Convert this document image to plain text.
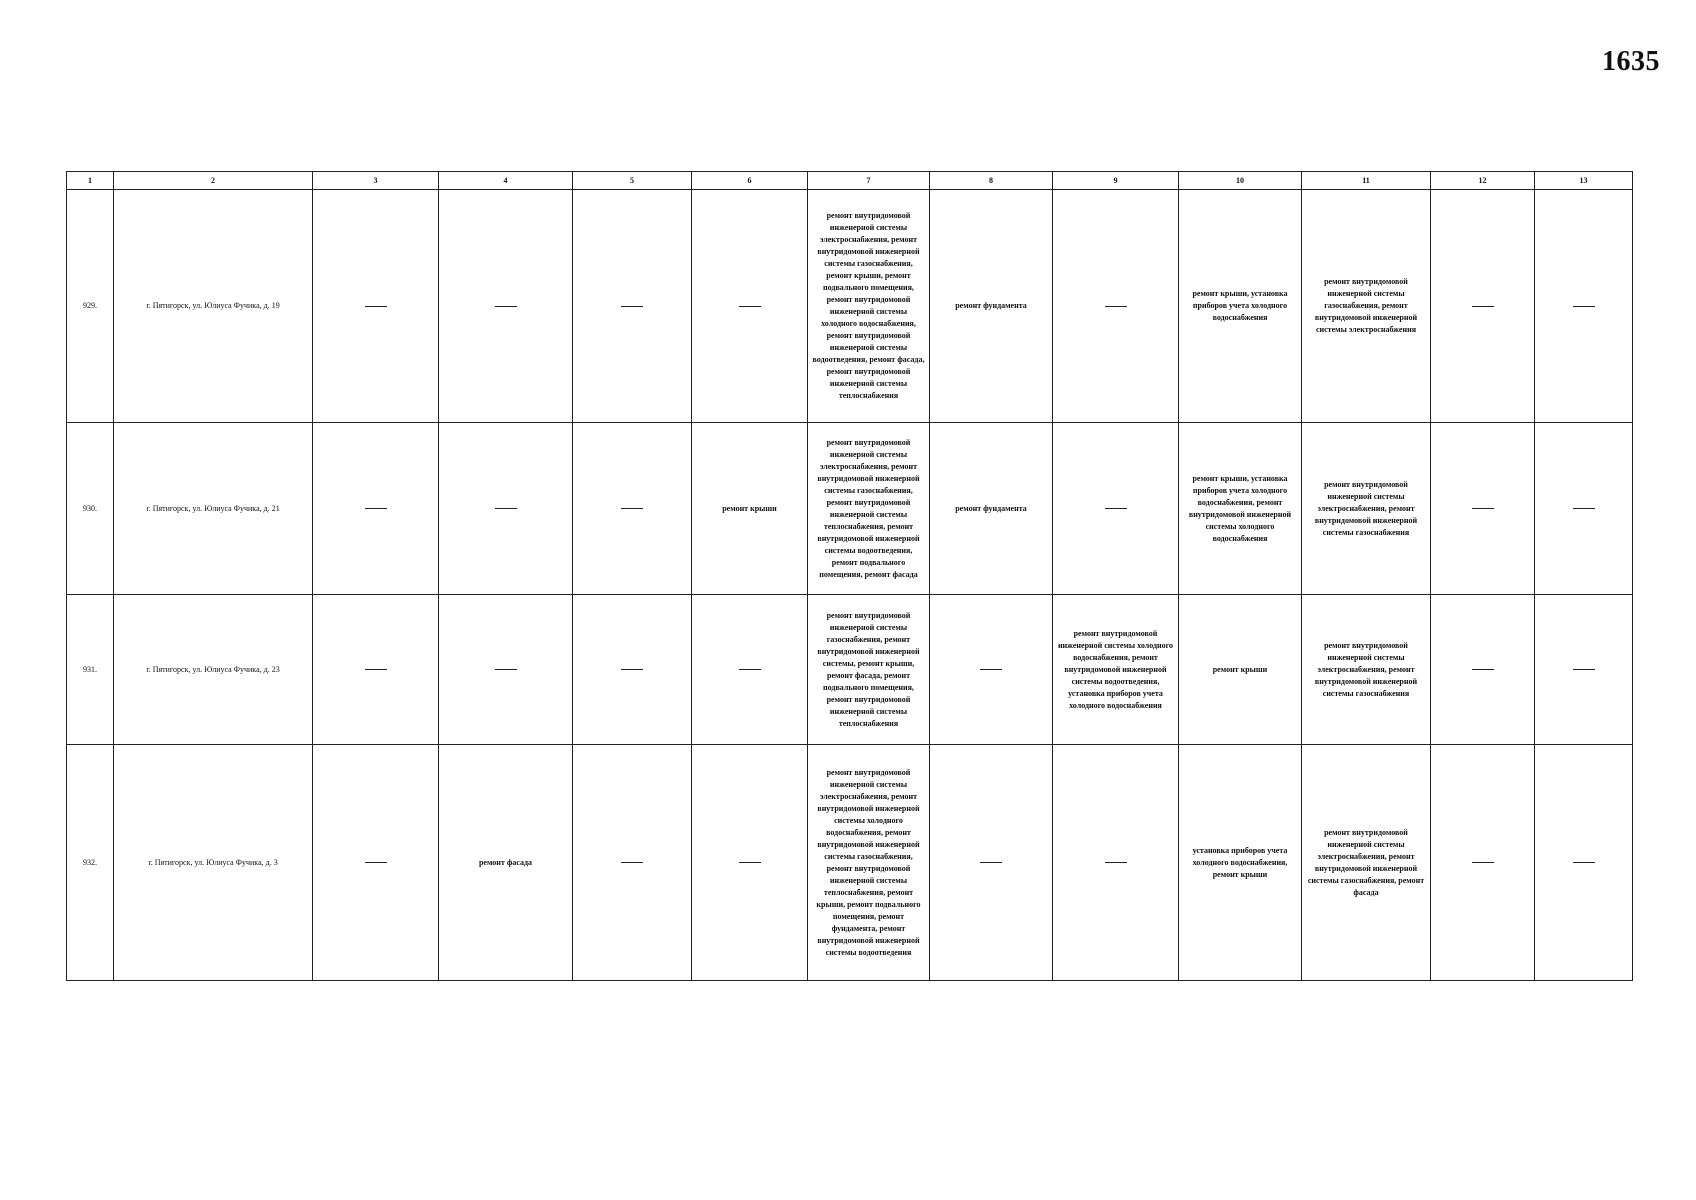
1635
1	2	3	4	5	6	7	8	9	10	11	12	13
929.	г. Пятигорск, ул. Юлиуса Фучика, д. 19					ремонт внутридомовой инженерной системы электроснабжения, ремонт внутридомовой инженерной системы газоснабжения, ремонт крыши, ремонт подвального помещения, ремонт внутридомовой инженерной системы холодного водоснабжения, ремонт внутридомовой инженерной системы водоотведения, ремонт фасада, ремонт внутридомовой инженерной системы теплоснабжения	ремонт фундамента		ремонт крыши, установка приборов учета холодного водоснабжения	ремонт внутридомовой инженерной системы газоснабжения, ремонт внутридомовой инженерной системы электроснабжения		
930.	г. Пятигорск, ул. Юлиуса Фучика, д. 21				ремонт крыши	ремонт внутридомовой инженерной системы электроснабжения, ремонт внутридомовой инженерной системы газоснабжения, ремонт внутридомовой инженерной системы теплоснабжения, ремонт внутридомовой инженерной системы водоотведения, ремонт подвального помещения, ремонт фасада	ремонт фундамента		ремонт крыши, установка приборов учета холодного водоснабжения, ремонт внутридомовой инженерной системы холодного водоснабжения	ремонт внутридомовой инженерной системы электроснабжения, ремонт внутридомовой инженерной системы газоснабжения		
931.	г. Пятигорск, ул. Юлиуса Фучика, д. 23					ремонт внутридомовой инженерной системы газоснабжения, ремонт внутридомовой инженерной системы, ремонт крыши, ремонт фасада, ремонт подвального помещения, ремонт внутридомовой инженерной системы теплоснабжения		ремонт внутридомовой инженерной системы холодного водоснабжения, ремонт внутридомовой инженерной системы водоотведения, установка приборов учета холодного водоснабжения	ремонт крыши	ремонт внутридомовой инженерной системы электроснабжения, ремонт внутридомовой инженерной системы газоснабжения		
932.	г. Пятигорск, ул. Юлиуса Фучика, д. 3		ремонт фасада			ремонт внутридомовой инженерной системы электроснабжения, ремонт внутридомовой инженерной системы холодного водоснабжения, ремонт внутридомовой инженерной системы газоснабжения, ремонт внутридомовой инженерной системы теплоснабжения, ремонт крыши, ремонт подвального помещения, ремонт фундамента, ремонт внутридомовой инженерной системы водоотведения			установка приборов учета холодного водоснабжения, ремонт крыши	ремонт внутридомовой инженерной системы электроснабжения, ремонт внутридомовой инженерной системы газоснабжения, ремонт фасада		
